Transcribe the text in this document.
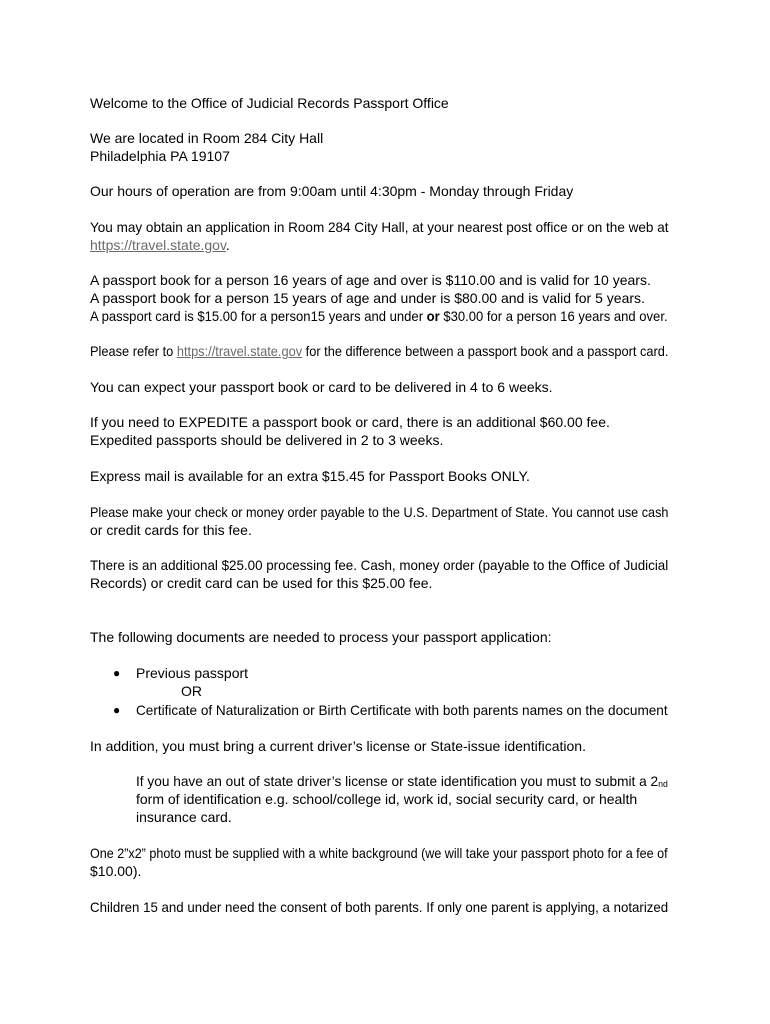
Welcome to the Office of Judicial Records Passport Office
We are located in Room 284 City Hall
Philadelphia PA 19107
Our hours of operation are from 9:00am until 4:30pm - Monday through Friday
You may obtain an application in Room 284 City Hall, at your nearest post office or on the web at
https://travel.state.gov.
A passport book for a person 16 years of age and over is $110.00 and is valid for 10 years.
A passport book for a person 15 years of age and under is $80.00 and is valid for 5 years.
A passport card is $15.00 for a person15 years and under or $30.00 for a person 16 years and over.
Please refer to https://travel.state.gov for the difference between a passport book and a passport card.
You can expect your passport book or card to be delivered in 4 to 6 weeks.
If you need to EXPEDITE a passport book or card, there is an additional $60.00 fee.
Expedited passports should be delivered in 2 to 3 weeks.
Express mail is available for an extra $15.45 for Passport Books ONLY.
Please make your check or money order payable to the U.S. Department of State. You cannot use cash
or credit cards for this fee.
There is an additional $25.00 processing fee. Cash, money order (payable to the Office of Judicial
Records) or credit card can be used for this $25.00 fee.
The following documents are needed to process your passport application:
● Previous passport
OR
● Certificate of Naturalization or Birth Certificate with both parents names on the document
In addition, you must bring a current driver’s license or State-issue identification.
If you have an out of state driver’s license or state identification you must to submit a $2_{nd}$
form of identification e.g. school/college id, work id, social security card, or health
insurance card.
One 2”x2” photo must be supplied with a white background (we will take your passport photo for a fee of
$10.00).
Children 15 and under need the consent of both parents. If only one parent is applying, a notarized
